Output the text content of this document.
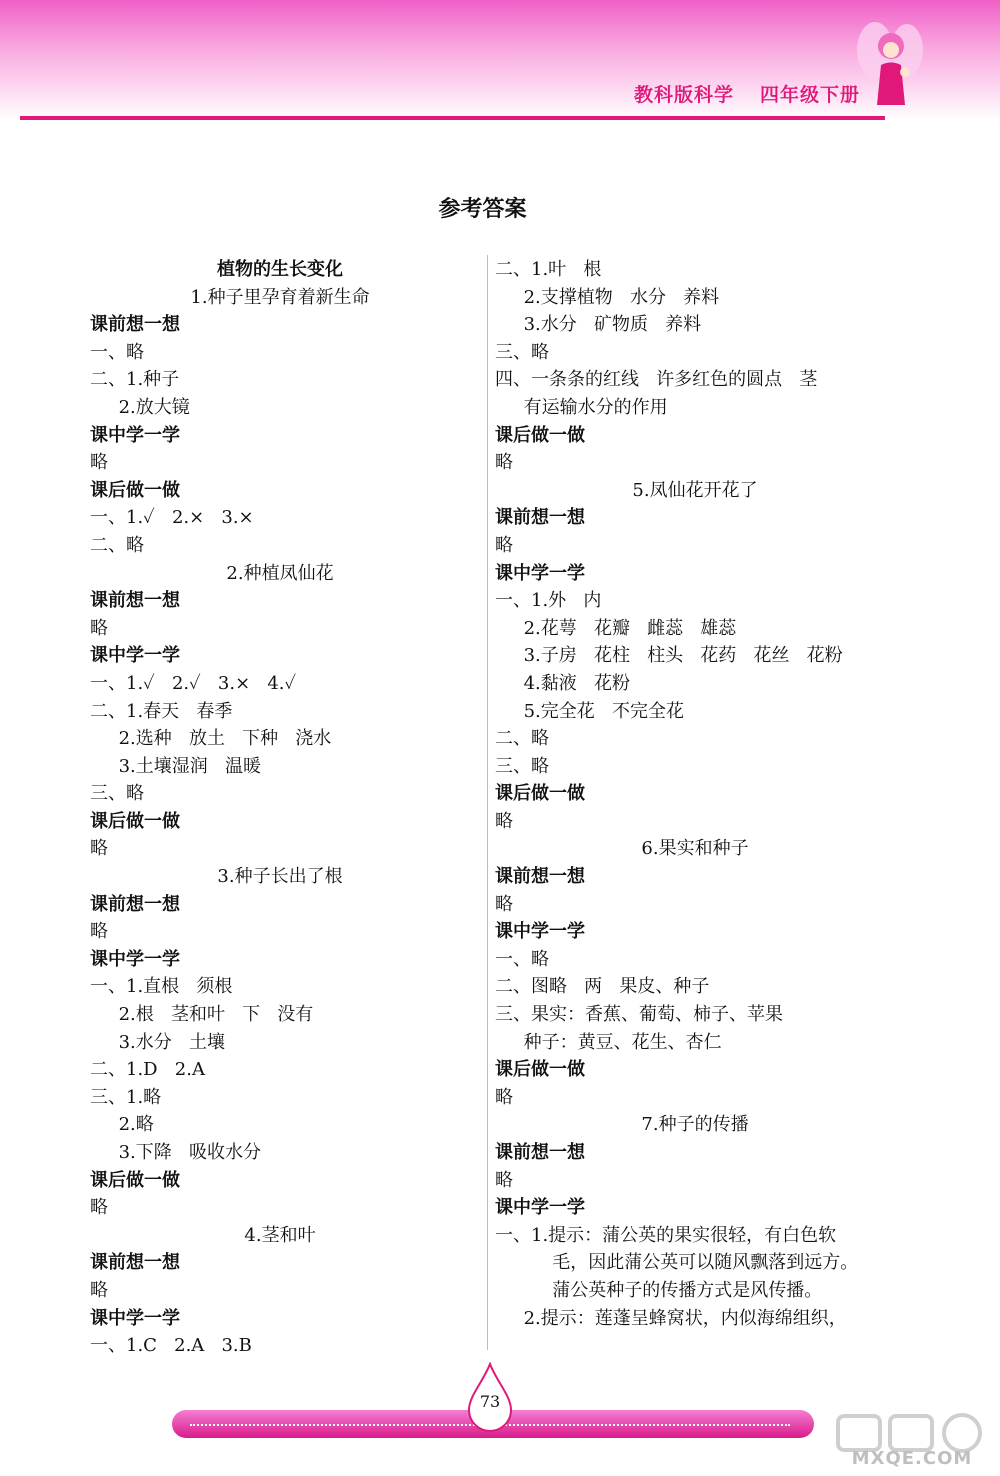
教科版科学 四年级下册
参考答案
植物的生长变化
1.种子里孕育着新生命
课前想一想
一、略
二、1.种子
2.放大镜
课中学一学
略
课后做一做
一、1.✓   2.×   3.×
二、略
2.种植凤仙花
课前想一想
略
课中学一学
一、1.✓   2.✓   3.×   4.✓
二、1.春天   春季
2.选种   放土   下种   浇水
3.土壤湿润   温暖
三、略
课后做一做
略
3.种子长出了根
课前想一想
略
课中学一学
一、1.直根   须根
2.根   茎和叶   下   没有
3.水分   土壤
二、1.D   2.A
三、1.略
2.略
3.下降   吸收水分
课后做一做
略
4.茎和叶
课前想一想
略
课中学一学
一、1.C   2.A   3.B
二、1.叶   根
2.支撑植物   水分   养料
3.水分   矿物质   养料
三、略
四、一条条的红线   许多红色的圆点   茎
有运输水分的作用
课后做一做
略
5.凤仙花开花了
课前想一想
略
课中学一学
一、1.外   内
2.花萼   花瓣   雌蕊   雄蕊
3.子房   花柱   柱头   花药   花丝   花粉
4.黏液   花粉
5.完全花   不完全花
二、略
三、略
课后做一做
略
6.果实和种子
课前想一想
略
课中学一学
一、略
二、图略   两   果皮、种子
三、果实：香蕉、葡萄、柿子、苹果
种子：黄豆、花生、杏仁
课后做一做
略
7.种子的传播
课前想一想
略
课中学一学
一、1.提示：蒲公英的果实很轻，有白色软
毛，因此蒲公英可以随风飘落到远方。
蒲公英种子的传播方式是风传播。
2.提示：莲蓬呈蜂窝状，内似海绵组织，
73
MXQE.COM
